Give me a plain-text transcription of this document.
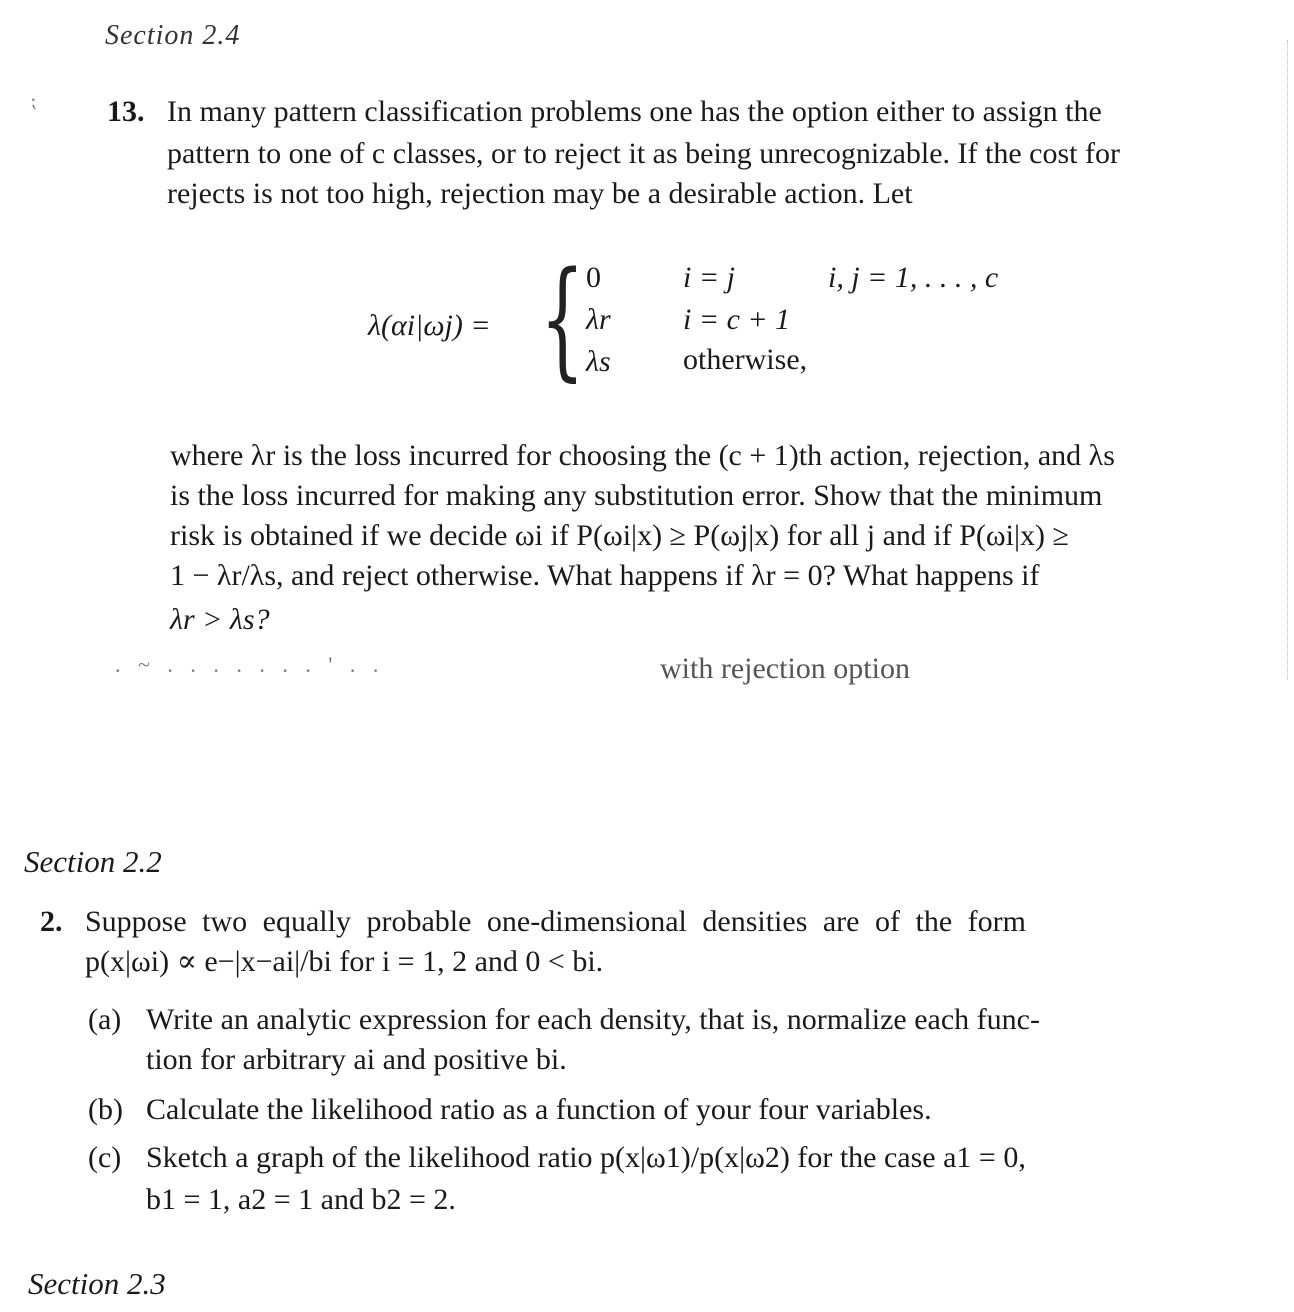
Section 2.4
⁏ 13. In many pattern classification problems one has the option either to assign the
pattern to one of c classes, or to reject it as being unrecognizable. If the cost for
rejects is not too high, rejection may be a desirable action. Let
λ(αi|ωj) = { 0	i = j	i, j = 1, . . . , c
λr i = c + 1
λs otherwise,
where λr is the loss incurred for choosing the (c + 1)th action, rejection, and λs
is the loss incurred for making any substitution error. Show that the minimum
risk is obtained if we decide ωi if P(ωi|x) ≥ P(ωj|x) for all j and if P(ωi|x) ≥
1 − λr/λs, and reject otherwise. What happens if λr = 0? What happens if
λr > λs?
with rejection option
. ~ . . . . . . . ' . .
Section 2.2
2. Suppose two equally probable one-dimensional densities are of the form
p(x|ωi) ∝ e−|x−ai|/bi for i = 1, 2 and 0 < bi.
(a) Write an analytic expression for each density, that is, normalize each func-
tion for arbitrary ai and positive bi.
(b) Calculate the likelihood ratio as a function of your four variables.
(c) Sketch a graph of the likelihood ratio p(x|ω1)/p(x|ω2) for the case a1 = 0,
b1 = 1, a2 = 1 and b2 = 2.
Section 2.3
